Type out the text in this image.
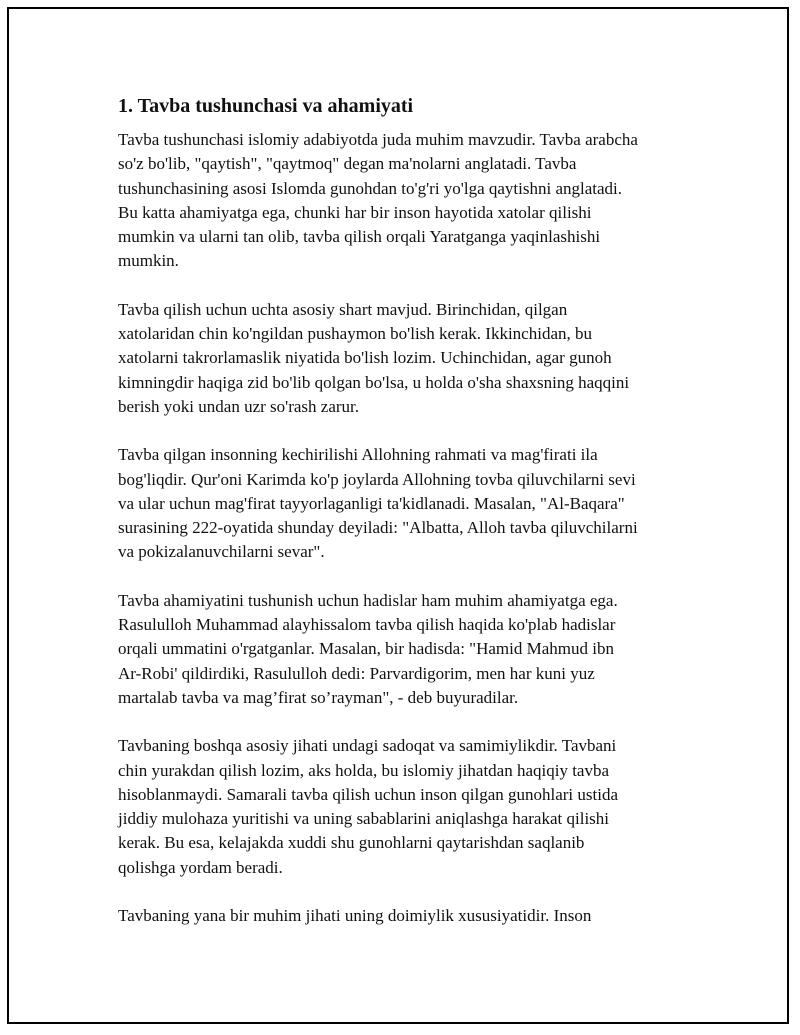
1. Tavba tushunchasi va ahamiyati

Tavba tushunchasi islomiy adabiyotda juda muhim mavzudir. Tavba arabcha
so'z bo'lib, "qaytish", "qaytmoq" degan ma'nolarni anglatadi. Tavba
tushunchasining asosi Islomda gunohdan to'g'ri yo'lga qaytishni anglatadi.
Bu katta ahamiyatga ega, chunki har bir inson hayotida xatolar qilishi
mumkin va ularni tan olib, tavba qilish orqali Yaratganga yaqinlashishi
mumkin.

Tavba qilish uchun uchta asosiy shart mavjud. Birinchidan, qilgan
xatolaridan chin ko'ngildan pushaymon bo'lish kerak. Ikkinchidan, bu
xatolarni takrorlamaslik niyatida bo'lish lozim. Uchinchidan, agar gunoh
kimningdir haqiga zid bo'lib qolgan bo'lsa, u holda o'sha shaxsning haqqini
berish yoki undan uzr so'rash zarur.

Tavba qilgan insonning kechirilishi Allohning rahmati va mag'firati ila
bog'liqdir. Qur'oni Karimda ko'p joylarda Allohning tovba qiluvchilarni sevi
va ular uchun mag'firat tayyorlaganligi ta'kidlanadi. Masalan, "Al-Baqara"
surasining 222-oyatida shunday deyiladi: "Albatta, Alloh tavba qiluvchilarni
va pokizalanuvchilarni sevar".

Tavba ahamiyatini tushunish uchun hadislar ham muhim ahamiyatga ega.
Rasululloh Muhammad alayhissalom tavba qilish haqida ko'plab hadislar
orqali ummatini o'rgatganlar. Masalan, bir hadisda: "Hamid Mahmud ibn
Ar-Robi' qildirdiki, Rasululloh dedi: Parvardigorim, men har kuni yuz
martalab tavba va mag’firat so’rayman", - deb buyuradilar.

Tavbaning boshqa asosiy jihati undagi sadoqat va samimiylikdir. Tavbani
chin yurakdan qilish lozim, aks holda, bu islomiy jihatdan haqiqiy tavba
hisoblanmaydi. Samarali tavba qilish uchun inson qilgan gunohlari ustida
jiddiy mulohaza yuritishi va uning sabablarini aniqlashga harakat qilishi
kerak. Bu esa, kelajakda xuddi shu gunohlarni qaytarishdan saqlanib
qolishga yordam beradi.

Tavbaning yana bir muhim jihati uning doimiylik xususiyatidir. Inson
